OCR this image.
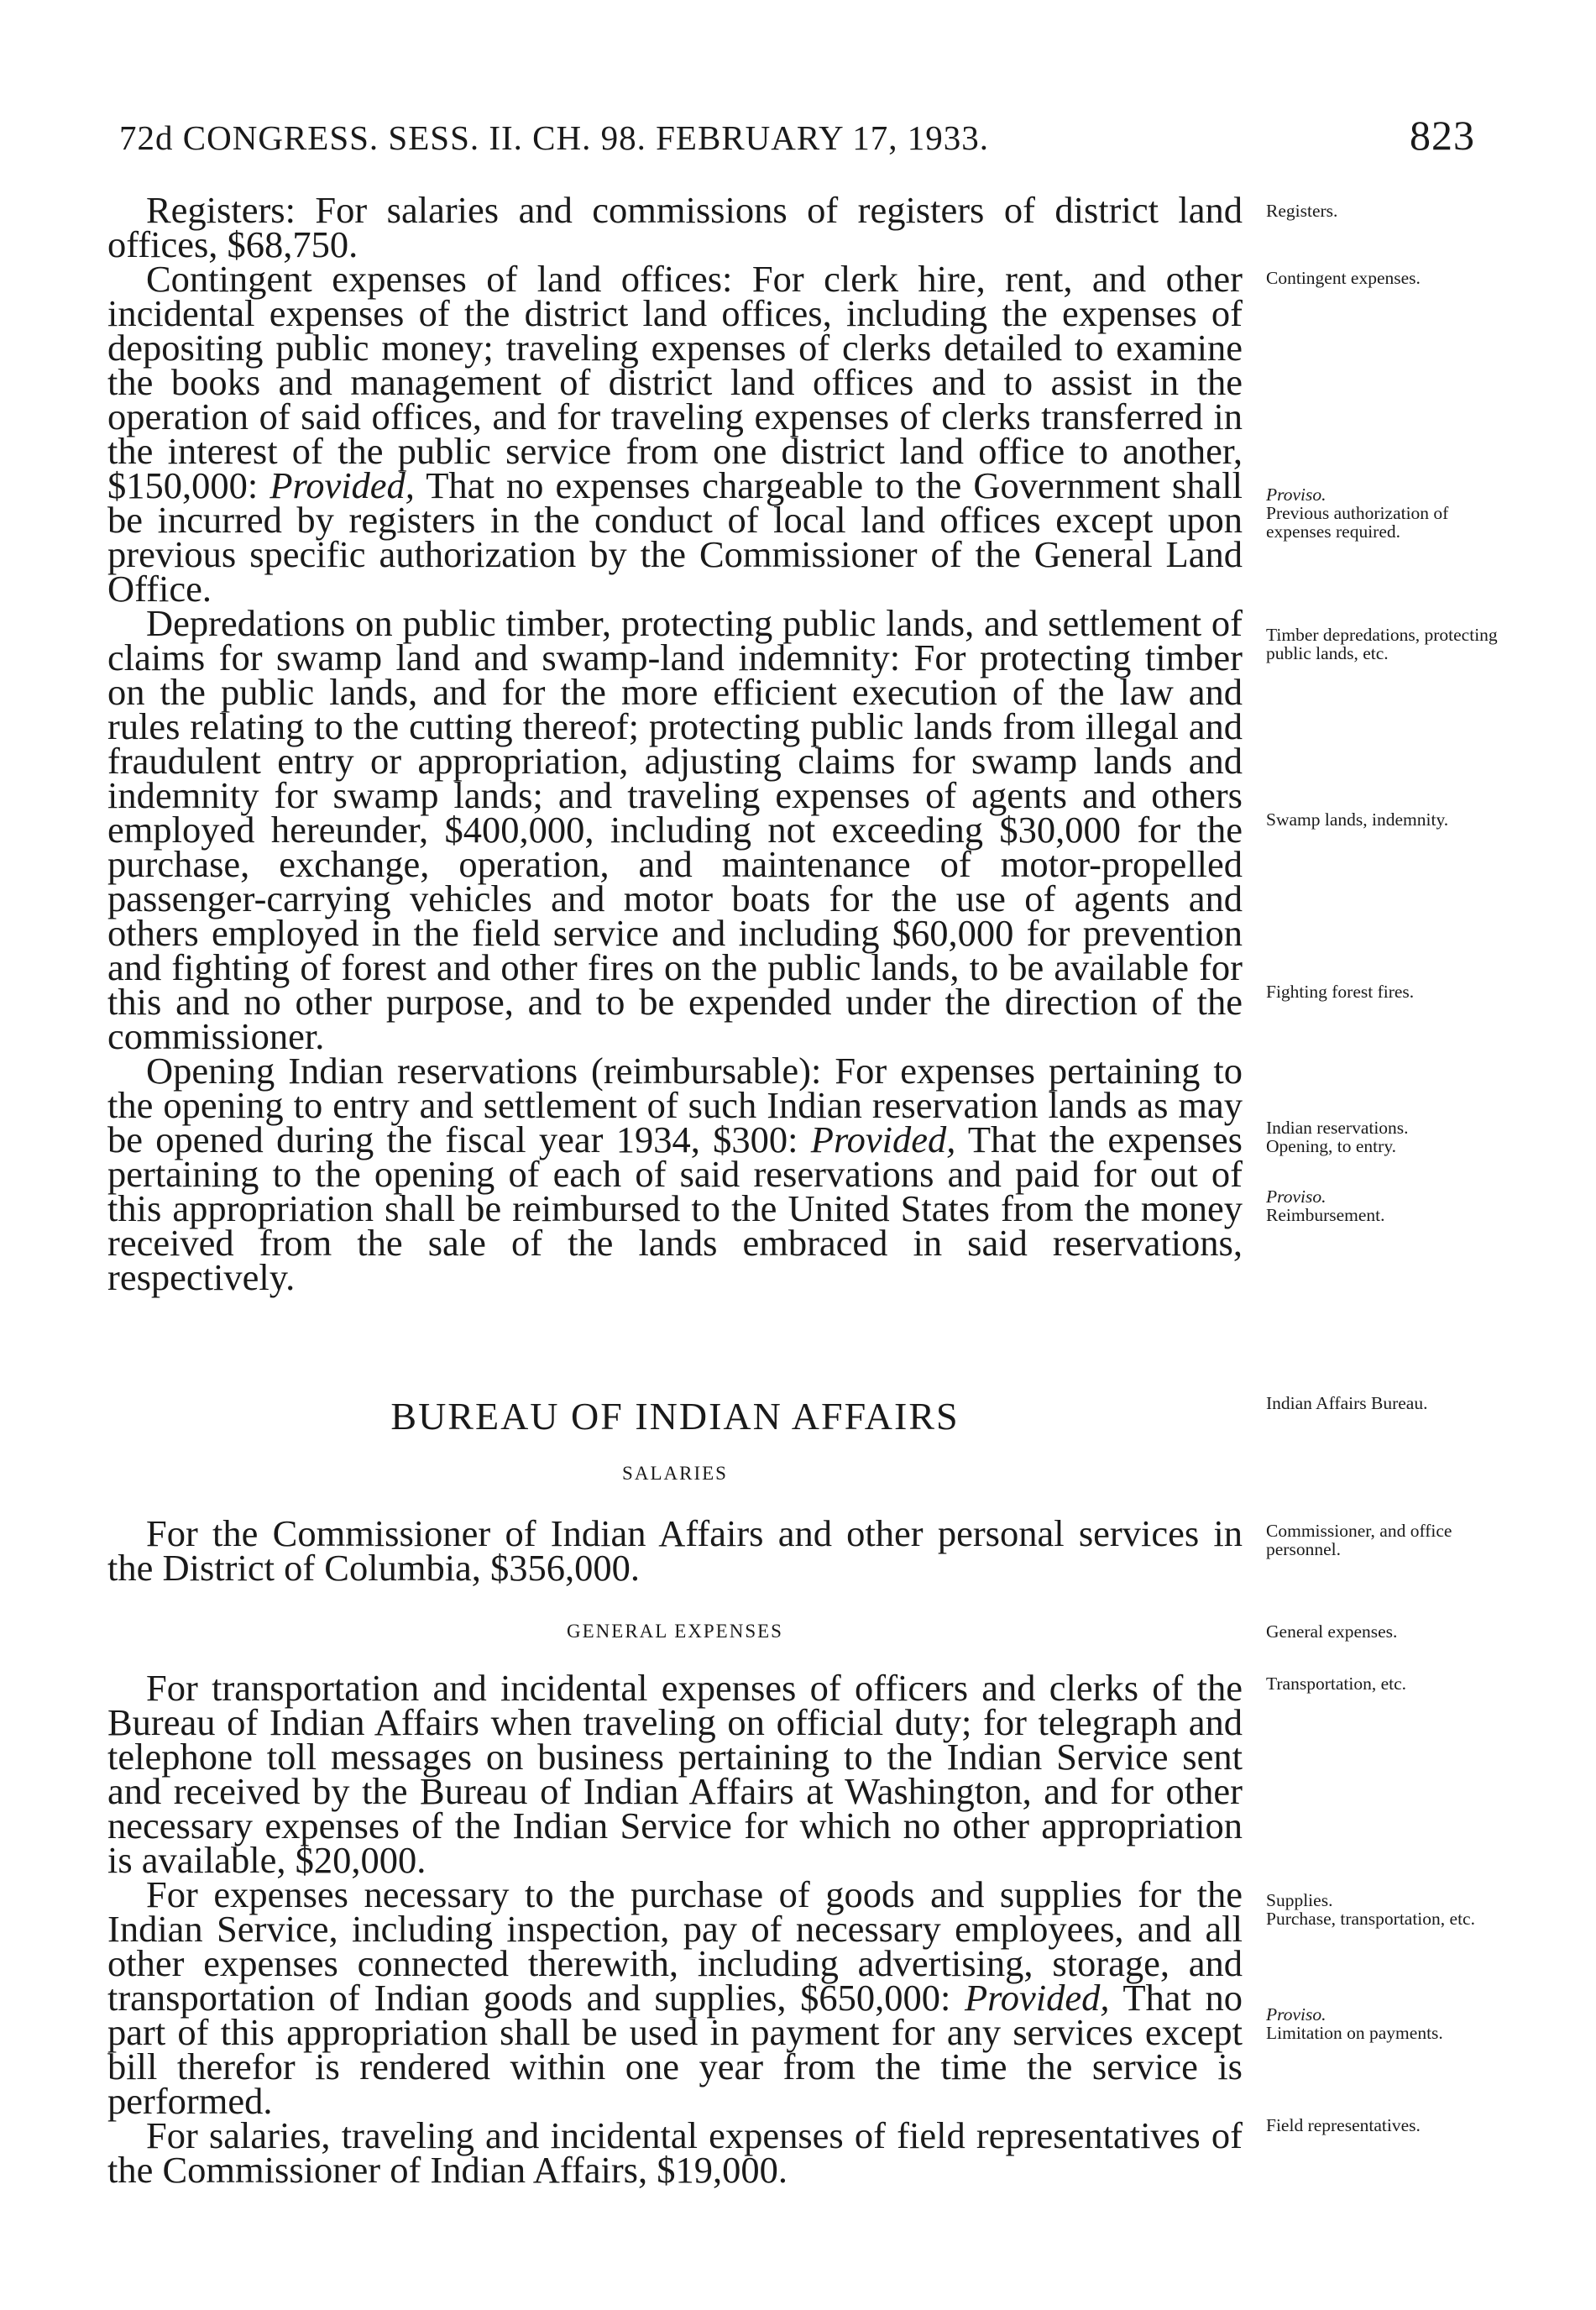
72d CONGRESS. SESS. II. CH. 98. FEBRUARY 17, 1933.	823

Registers: For salaries and commissions of registers of district land offices, $68,750.

Contingent expenses of land offices: For clerk hire, rent, and other incidental expenses of the district land offices, including the expenses of depositing public money; traveling expenses of clerks detailed to examine the books and management of district land offices and to assist in the operation of said offices, and for traveling expenses of clerks transferred in the interest of the public service from one district land office to another, $150,000: Provided, That no expenses chargeable to the Government shall be incurred by registers in the conduct of local land offices except upon previous specific authorization by the Commissioner of the General Land Office.

Depredations on public timber, protecting public lands, and settlement of claims for swamp land and swamp-land indemnity: For protecting timber on the public lands, and for the more efficient execution of the law and rules relating to the cutting thereof; protecting public lands from illegal and fraudulent entry or appropriation, adjusting claims for swamp lands and indemnity for swamp lands; and traveling expenses of agents and others employed hereunder, $400,000, including not exceeding $30,000 for the purchase, exchange, operation, and maintenance of motor-propelled passenger-carrying vehicles and motor boats for the use of agents and others employed in the field service and including $60,000 for prevention and fighting of forest and other fires on the public lands, to be available for this and no other purpose, and to be expended under the direction of the commissioner.

Opening Indian reservations (reimbursable): For expenses pertaining to the opening to entry and settlement of such Indian reservation lands as may be opened during the fiscal year 1934, $300: Provided, That the expenses pertaining to the opening of each of said reservations and paid for out of this appropriation shall be reimbursed to the United States from the money received from the sale of the lands embraced in said reservations, respectively.

BUREAU OF INDIAN AFFAIRS
SALARIES

For the Commissioner of Indian Affairs and other personal services in the District of Columbia, $356,000.

GENERAL EXPENSES

For transportation and incidental expenses of officers and clerks of the Bureau of Indian Affairs when traveling on official duty; for telegraph and telephone toll messages on business pertaining to the Indian Service sent and received by the Bureau of Indian Affairs at Washington, and for other necessary expenses of the Indian Service for which no other appropriation is available, $20,000.

For expenses necessary to the purchase of goods and supplies for the Indian Service, including inspection, pay of necessary employees, and all other expenses connected therewith, including advertising, storage, and transportation of Indian goods and supplies, $650,000: Provided, That no part of this appropriation shall be used in payment for any services except bill therefor is rendered within one year from the time the service is performed.

For salaries, traveling and incidental expenses of field representatives of the Commissioner of Indian Affairs, $19,000.

Registers.
Contingent expenses.
Proviso.
Previous authorization of expenses required.
Timber depredations, protecting public lands, etc.
Swamp lands, indemnity.
Fighting forest fires.
Indian reservations.
Opening, to entry.
Proviso.
Reimbursement.
Indian Affairs Bureau.
Commissioner, and office personnel.
General expenses.
Transportation, etc.
Supplies.
Purchase, transportation, etc.
Proviso.
Limitation on payments.
Field representatives.
